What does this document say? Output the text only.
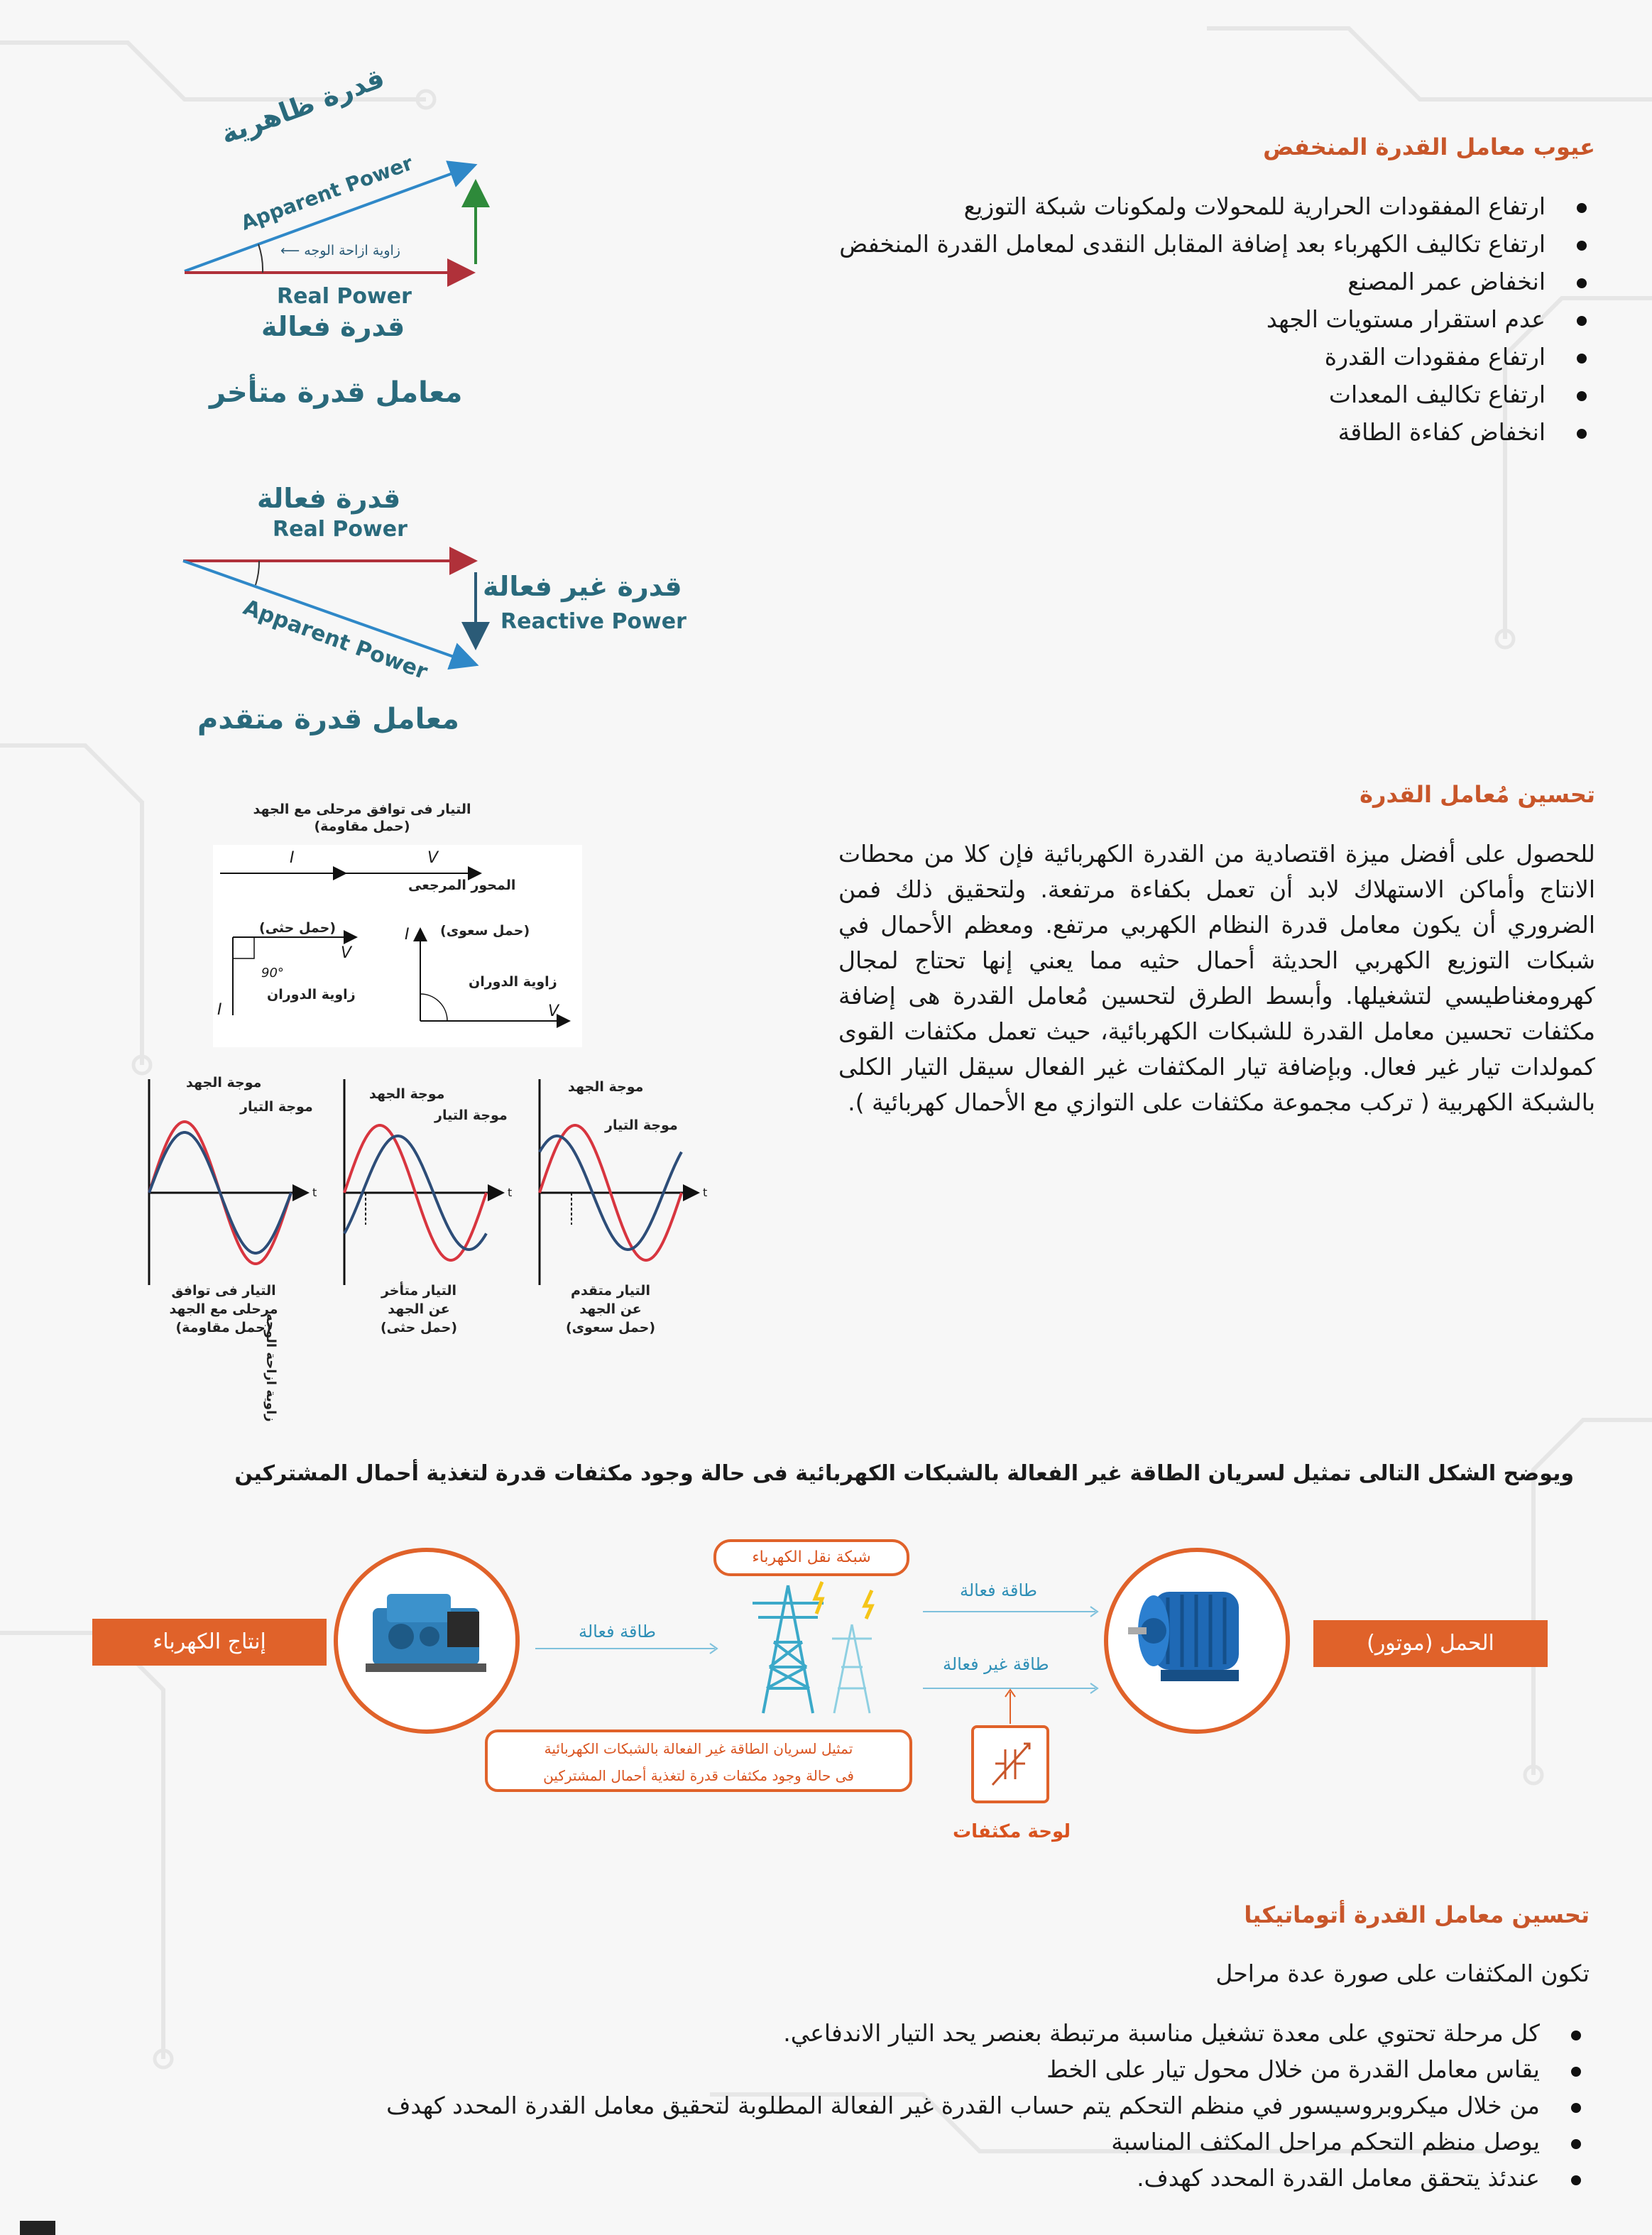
عيوب معامل القدرة المنخفض
ارتفاع المفقودات الحرارية للمحولات ولمكونات شبكة التوزيع
ارتفاع تكاليف الكهرباء بعد إضافة المقابل النقدى لمعامل القدرة المنخفض
انخفاض عمر المصنع
عدم استقرار مستويات الجهد
ارتفاع مفقودات القدرة
ارتفاع تكاليف المعدات
انخفاض كفاءة الطاقة
قدرة ظاهرية
Apparent Power
⟵ زاوية ازاحة الوجه
Real Power
قدرة فعالة
معامل قدرة متأخر
قدرة فعالة
Real Power
قدرة غير فعالة
Reactive Power
Apparent Power
معامل قدرة متقدم
تحسين مُعامل القدرة
للحصول على أفضل ميزة اقتصادية من القدرة الكهربائية فإن كلا من محطات الانتاج وأماكن الاستهلاك لابد أن تعمل بكفاءة مرتفعة. ولتحقيق ذلك فمن الضروري أن يكون معامل قدرة النظام الكهربي مرتفع. ومعظم الأحمال في شبكات التوزيع الكهربي الحديثة أحمال حثيه مما يعني إنها تحتاج لمجال كهرومغناطيسي لتشغيلها. وأبسط الطرق لتحسين مُعامل القدرة هى إضافة مكثفات تحسين معامل القدرة للشبكات الكهربائية، حيث تعمل مكثفات القوى كمولدات تيار غير فعال. وبإضافة تيار المكثفات غير الفعال سيقل التيار الكلى بالشبكة الكهربية ( تركب مجموعة مكثفات على التوازي مع الأحمال كهربائية ).
التيار فى توافق مرحلى مع الجهد
(حمل مقاومة)
I	V
المحور المرجعى
(حمل حثى)
V
90°
زاوية الدوران
I
(حمل سعوى)
I
زاوية الدوران
V
موجة الجهد
موجة التيار
موجة الجهد
موجة التيار
موجة الجهد
موجة التيار
t	t	t
زاوية ازاحة الوجه
التيار فى توافق
مرحلى مع الجهد
(حمل مقاومة)
التيار متأخر
عن الجهد
(حمل حثى)
التيار متقدم
عن الجهد
(حمل سعوى)
ويوضح الشكل التالى تمثيل لسريان الطاقة غير الفعالة بالشبكات الكهربائية فى حالة وجود مكثفات قدرة لتغذية أحمال المشتركين
إنتاج الكهرباء	طاقة فعالة
شبكة نقل الكهرباء
تمثيل لسريان الطاقة غير الفعالة بالشبكات الكهربائية
فى حالة وجود مكثفات قدرة لتغذية أحمال المشتركين
طاقة فعالة
طاقة غير فعالة
لوحة مكثفات
الحمل (موتور)
تحسين معامل القدرة أتوماتيكيا
تكون المكثفات على صورة عدة مراحل
كل مرحلة تحتوي على معدة تشغيل مناسبة مرتبطة بعنصر يحد التيار الاندفاعي.
يقاس معامل القدرة من خلال محول تيار على الخط
من خلال ميكروبروسيسور في منظم التحكم يتم حساب القدرة غير الفعالة المطلوبة لتحقيق معامل القدرة المحدد كهدف
يوصل منظم التحكم مراحل المكثف المناسبة
عندئذ يتحقق معامل القدرة المحدد كهدف.
